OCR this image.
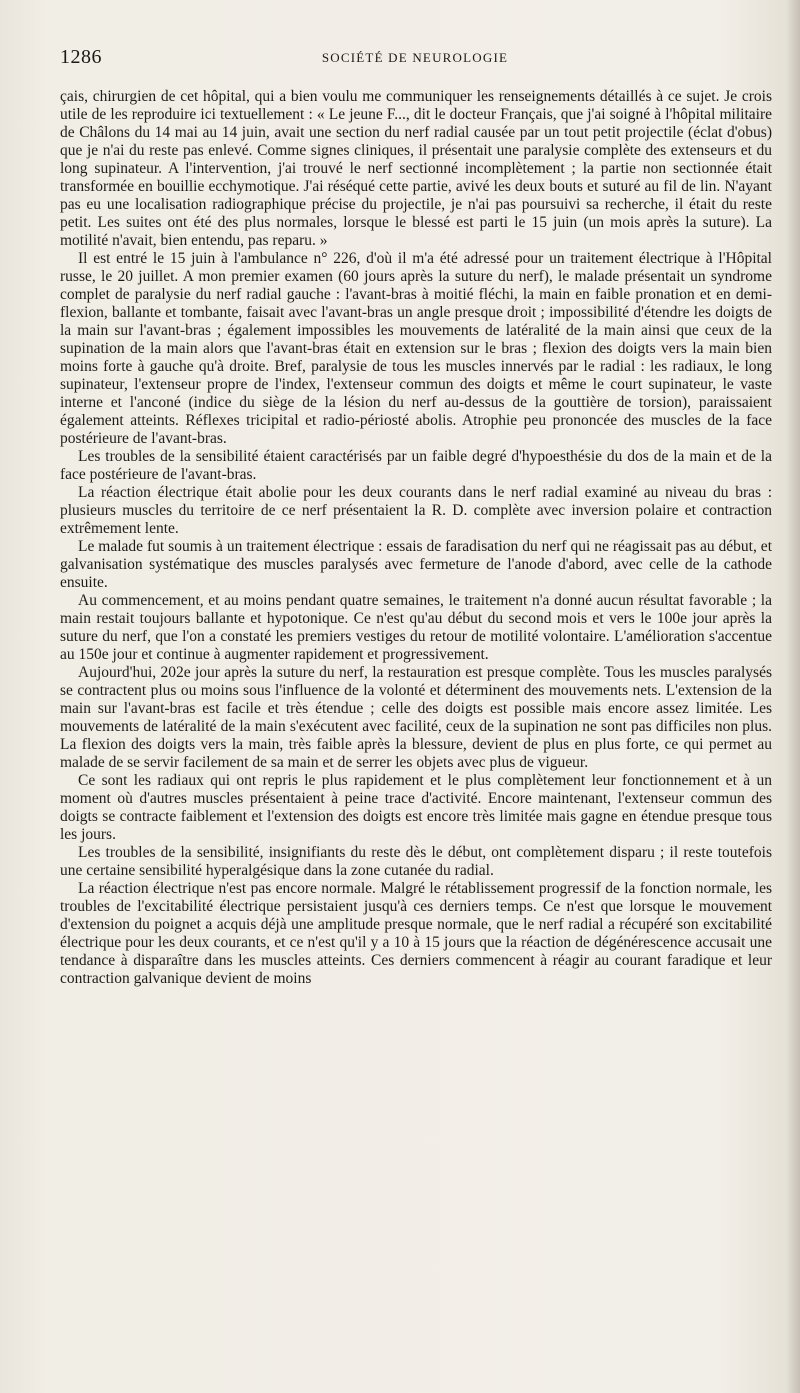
1286	SOCIÉTÉ DE NEUROLOGIE

çais, chirurgien de cet hôpital, qui a bien voulu me communiquer les renseignements détaillés à ce sujet. Je crois utile de les reproduire ici textuellement : « Le jeune F..., dit le docteur Français, que j'ai soigné à l'hôpital militaire de Châlons du 14 mai au 14 juin, avait une section du nerf radial causée par un tout petit projectile (éclat d'obus) que je n'ai du reste pas enlevé. Comme signes cliniques, il présentait une paralysie complète des extenseurs et du long supinateur. A l'intervention, j'ai trouvé le nerf sectionné incomplètement ; la partie non sectionnée était transformée en bouillie ecchymotique. J'ai réséqué cette partie, avivé les deux bouts et suturé au fil de lin. N'ayant pas eu une localisation radiographique précise du projectile, je n'ai pas poursuivi sa recherche, il était du reste petit. Les suites ont été des plus normales, lorsque le blessé est parti le 15 juin (un mois après la suture). La motilité n'avait, bien entendu, pas reparu. »

Il est entré le 15 juin à l'ambulance n° 226, d'où il m'a été adressé pour un traitement électrique à l'Hôpital russe, le 20 juillet. A mon premier examen (60 jours après la suture du nerf), le malade présentait un syndrome complet de paralysie du nerf radial gauche : l'avant-bras à moitié fléchi, la main en faible pronation et en demi-flexion, ballante et tombante, faisait avec l'avant-bras un angle presque droit ; impossibilité d'étendre les doigts de la main sur l'avant-bras ; également impossibles les mouvements de latéralité de la main ainsi que ceux de la supination de la main alors que l'avant-bras était en extension sur le bras ; flexion des doigts vers la main bien moins forte à gauche qu'à droite. Bref, paralysie de tous les muscles innervés par le radial : les radiaux, le long supinateur, l'extenseur propre de l'index, l'extenseur commun des doigts et même le court supinateur, le vaste interne et l'anconé (indice du siège de la lésion du nerf au-dessus de la gouttière de torsion), paraissaient également atteints. Réflexes tricipital et radio-périosté abolis. Atrophie peu prononcée des muscles de la face postérieure de l'avant-bras.

Les troubles de la sensibilité étaient caractérisés par un faible degré d'hypoesthésie du dos de la main et de la face postérieure de l'avant-bras.

La réaction électrique était abolie pour les deux courants dans le nerf radial examiné au niveau du bras : plusieurs muscles du territoire de ce nerf présentaient la R. D. complète avec inversion polaire et contraction extrêmement lente.

Le malade fut soumis à un traitement électrique : essais de faradisation du nerf qui ne réagissait pas au début, et galvanisation systématique des muscles paralysés avec fermeture de l'anode d'abord, avec celle de la cathode ensuite.

Au commencement, et au moins pendant quatre semaines, le traitement n'a donné aucun résultat favorable ; la main restait toujours ballante et hypotonique. Ce n'est qu'au début du second mois et vers le 100e jour après la suture du nerf, que l'on a constaté les premiers vestiges du retour de motilité volontaire. L'amélioration s'accentue au 150e jour et continue à augmenter rapidement et progressivement.

Aujourd'hui, 202e jour après la suture du nerf, la restauration est presque complète. Tous les muscles paralysés se contractent plus ou moins sous l'influence de la volonté et déterminent des mouvements nets. L'extension de la main sur l'avant-bras est facile et très étendue ; celle des doigts est possible mais encore assez limitée. Les mouvements de latéralité de la main s'exécutent avec facilité, ceux de la supination ne sont pas difficiles non plus. La flexion des doigts vers la main, très faible après la blessure, devient de plus en plus forte, ce qui permet au malade de se servir facilement de sa main et de serrer les objets avec plus de vigueur.

Ce sont les radiaux qui ont repris le plus rapidement et le plus complètement leur fonctionnement et à un moment où d'autres muscles présentaient à peine trace d'activité. Encore maintenant, l'extenseur commun des doigts se contracte faiblement et l'extension des doigts est encore très limitée mais gagne en étendue presque tous les jours.

Les troubles de la sensibilité, insignifiants du reste dès le début, ont complètement disparu ; il reste toutefois une certaine sensibilité hyperalgésique dans la zone cutanée du radial.

La réaction électrique n'est pas encore normale. Malgré le rétablissement progressif de la fonction normale, les troubles de l'excitabilité électrique persistaient jusqu'à ces derniers temps. Ce n'est que lorsque le mouvement d'extension du poignet a acquis déjà une amplitude presque normale, que le nerf radial a récupéré son excitabilité électrique pour les deux courants, et ce n'est qu'il y a 10 à 15 jours que la réaction de dégénérescence accusait une tendance à disparaître dans les muscles atteints. Ces derniers commencent à réagir au courant faradique et leur contraction galvanique devient de moins
